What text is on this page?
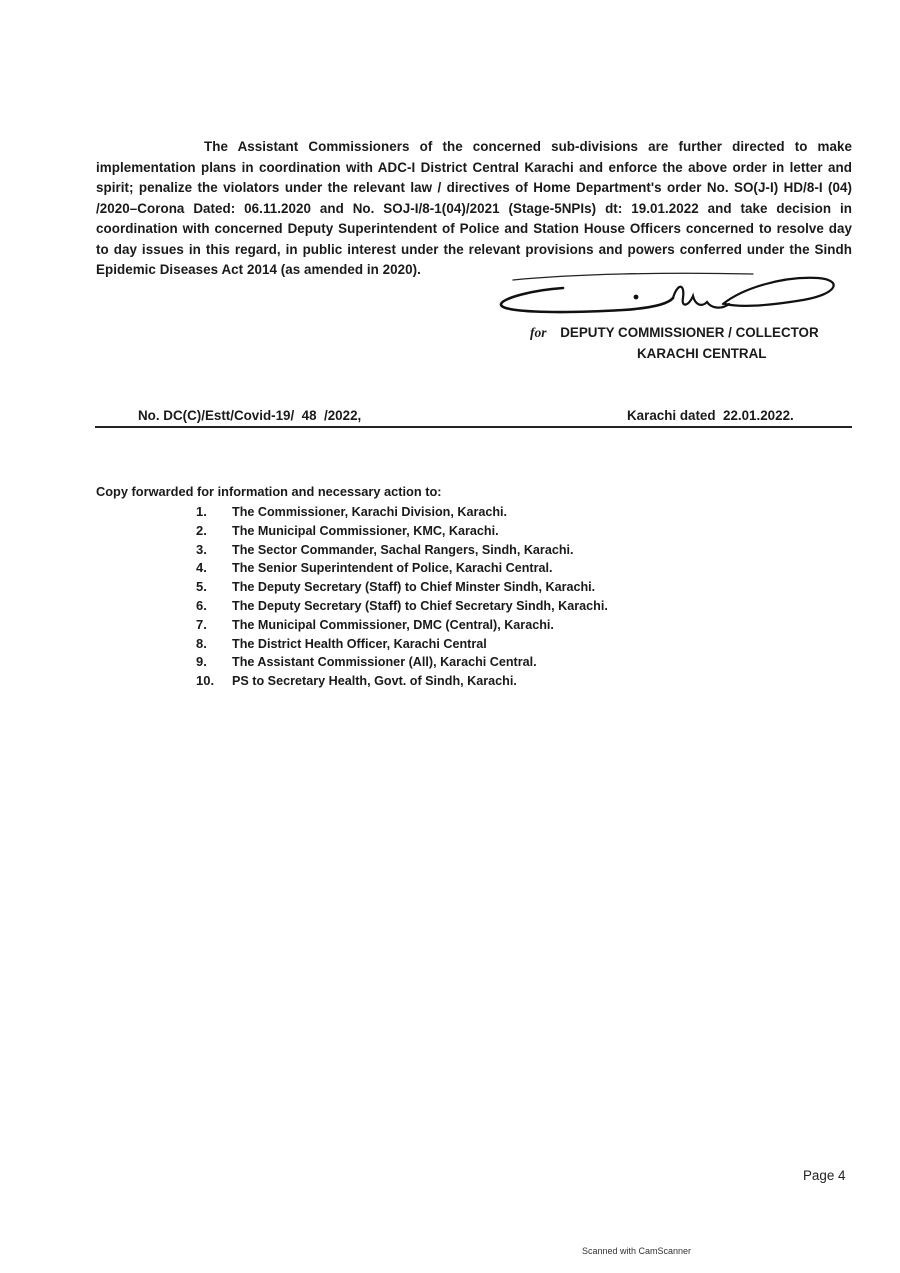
The Assistant Commissioners of the concerned sub-divisions are further directed to make implementation plans in coordination with ADC-I District Central Karachi and enforce the above order in letter and spirit; penalize the violators under the relevant law / directives of Home Department's order No. SO(J-I) HD/8-I (04) /2020–Corona Dated: 06.11.2020 and No. SOJ-I/8-1(04)/2021 (Stage-5NPIs) dt: 19.01.2022 and take decision in coordination with concerned Deputy Superintendent of Police and Station House Officers concerned to resolve day to day issues in this regard, in public interest under the relevant provisions and powers conferred under the Sindh Epidemic Diseases Act 2014 (as amended in 2020).

for DEPUTY COMMISSIONER / COLLECTOR
KARACHI CENTRAL
No. DC(C)/Estt/Covid-19/  48  /2022,	Karachi dated  22.01.2022.
Copy forwarded for information and necessary action to:
1. The Commissioner, Karachi Division, Karachi.
2. The Municipal Commissioner, KMC, Karachi.
3. The Sector Commander, Sachal Rangers, Sindh, Karachi.
4. The Senior Superintendent of Police, Karachi Central.
5. The Deputy Secretary (Staff) to Chief Minster Sindh, Karachi.
6. The Deputy Secretary (Staff) to Chief Secretary Sindh, Karachi.
7. The Municipal Commissioner, DMC (Central), Karachi.
8. The District Health Officer, Karachi Central
9. The Assistant Commissioner (All), Karachi Central.
10. PS to Secretary Health, Govt. of Sindh, Karachi.
Page 4
Scanned with CamScanner
